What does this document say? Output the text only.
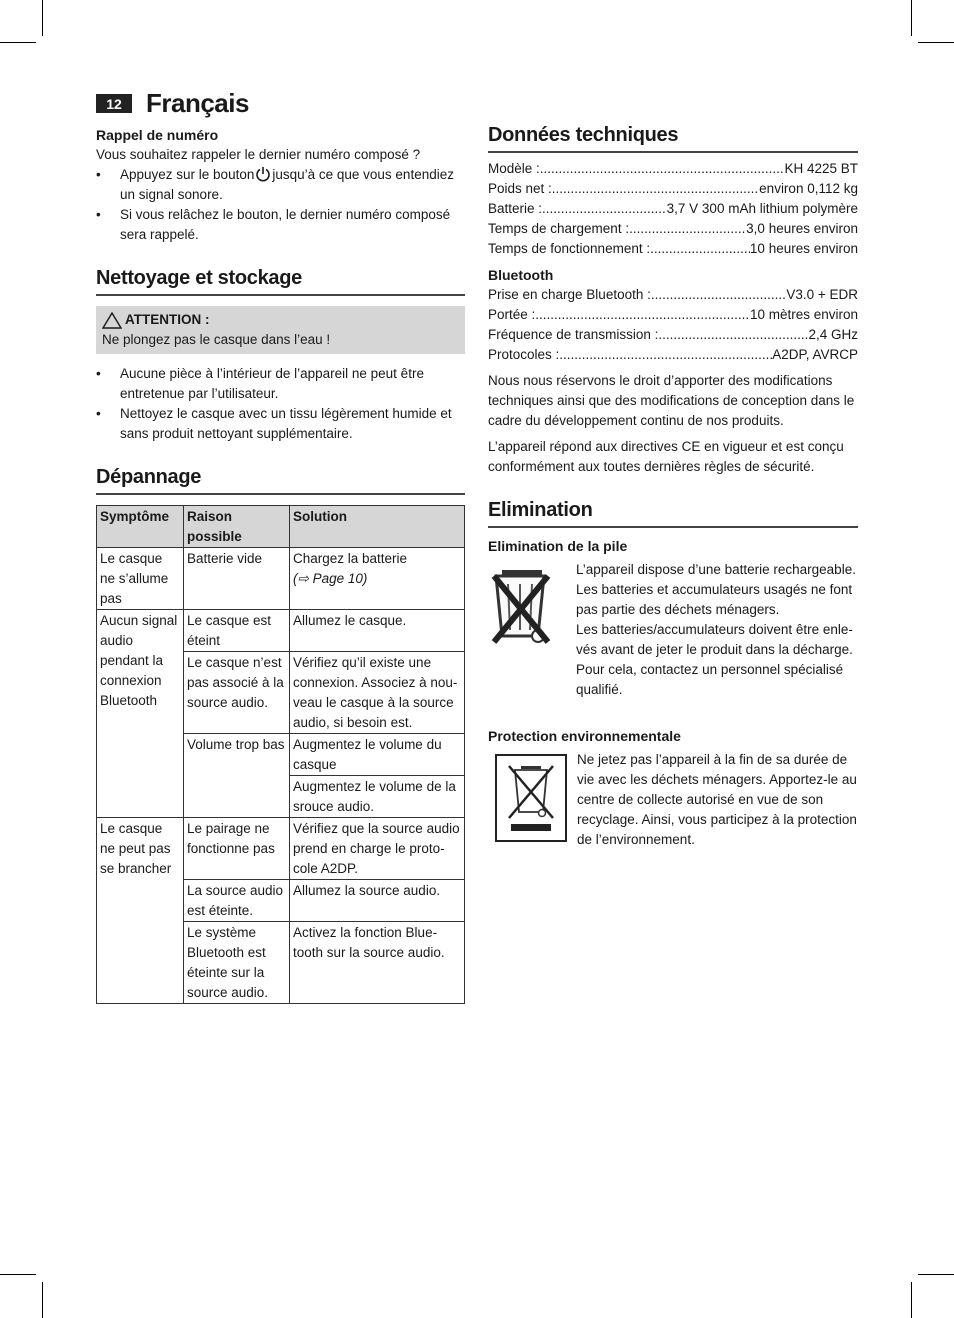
12 Français
Rappel de numéro

Vous souhaitez rappeler le dernier numéro composé ?

• Appuyez sur le bouton jusqu’à ce que vous entendiez un signal sonore.
• Si vous relâchez le bouton, le dernier numéro composé sera rappelé.
Nettoyage et stockage
ATTENTION :

Ne plongez pas le casque dans l’eau !

• Aucune pièce à l’intérieur de l’appareil ne peut être entretenue par l’utilisateur.
• Nettoyez le casque avec un tissu légèrement humide et sans produit nettoyant supplémentaire.
Dépannage
Symptôme	Raison possible	Solution
Le casque ne s’allume pas	Batterie vide	Chargez la batterie
(⇨ Page 10)
Aucun signal audio pendant la connexion Bluetooth	Le casque est éteint	Allumez le casque.
	Le casque n’est pas associé à la source audio.	Vérifiez qu’il existe une connexion. Associez à nouveau le casque à la source audio, si besoin est.
	Volume trop bas	Augmentez le volume du casque
		Augmentez le volume de la srouce audio.
Le casque ne peut pas se brancher	Le pairage ne fonctionne pas	Vérifiez que la source audio prend en charge le protocole A2DP.
	La source audio est éteinte.	Allumez la source audio.
	Le système Bluetooth est éteinte sur la source audio.	Activez la fonction Bluetooth sur la source audio.
Données techniques
Modèle : .....	KH 4225 BT
Poids net : .....	environ 0,112 kg
Batterie : .....	3,7 V 300 mAh lithium polymère
Temps de chargement : .....	3,0 heures environ
Temps de fonctionnement : .....	10 heures environ
Bluetooth
Prise en charge Bluetooth : .....	V3.0 + EDR
Portée : .....	10 mètres environ
Fréquence de transmission : .....	2,4 GHz
Protocoles : .....	A2DP, AVRCP

Nous nous réservons le droit d’apporter des modifications techniques ainsi que des modifications de conception dans le cadre du développement continu de nos produits.

L’appareil répond aux directives CE en vigueur et est conçu conformément aux toutes dernières règles de sécurité.

Elimination
Elimination de la pile

L’appareil dispose d’une batterie rechargeable. Les batteries et accumulateurs usagés ne font pas partie des déchets ménagers.

Les batteries/accumulateurs doivent être enlevés avant de jeter le produit dans la décharge. Pour cela, contactez un personnel spécialisé qualifié.

Protection environnementale

Ne jetez pas l’appareil à la fin de sa durée de vie avec les déchets ménagers. Apportez-le au centre de collecte autorisé en vue de son recyclage. Ainsi, vous participez à la protection de l’environnement.
